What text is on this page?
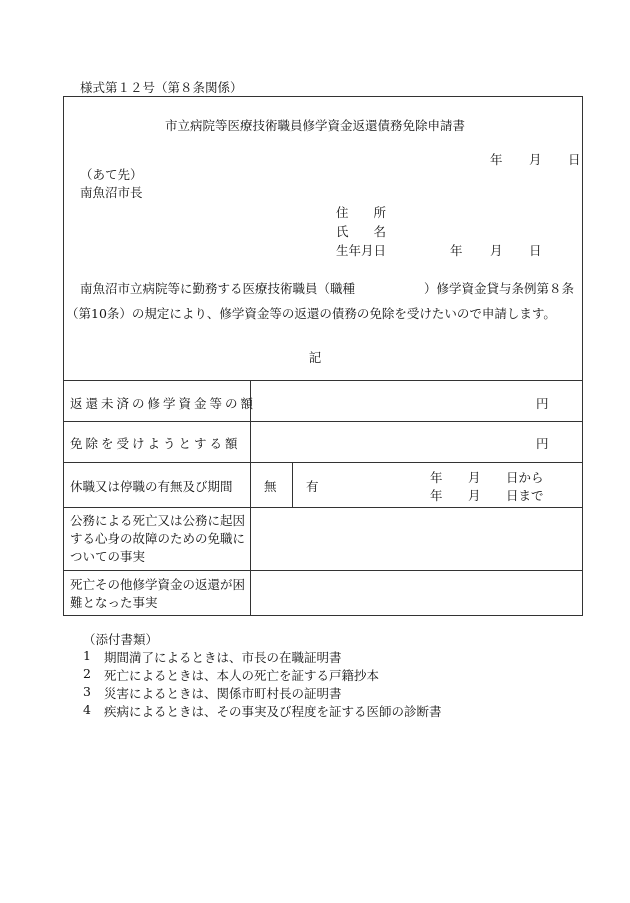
様式第１２号（第８条関係）
市立病院等医療技術職員修学資金返還債務免除申請書
年 月 日
（あて先）
南魚沼市長
住　　所
氏　　名
生年月日	年 月 日
南魚沼市立病院等に勤務する医療技術職員（職種	）修学資金貸与条例第８条
（第10条）の規定により、修学資金等の返還の債務の免除を受けたいので申請します。
記
返還未済の修学資金等の額	円
免除を受けようとする額	円
休職又は停職の有無及び期間	無 有
年 月 日から
年 月 日まで
公務による死亡又は公務に起因する心身の故障のための免職についての事実
死亡その他修学資金の返還が困難となった事実
（添付書類）
1 期間満了によるときは、市長の在職証明書
2 死亡によるときは、本人の死亡を証する戸籍抄本
3 災害によるときは、関係市町村長の証明書
4 疾病によるときは、その事実及び程度を証する医師の診断書
